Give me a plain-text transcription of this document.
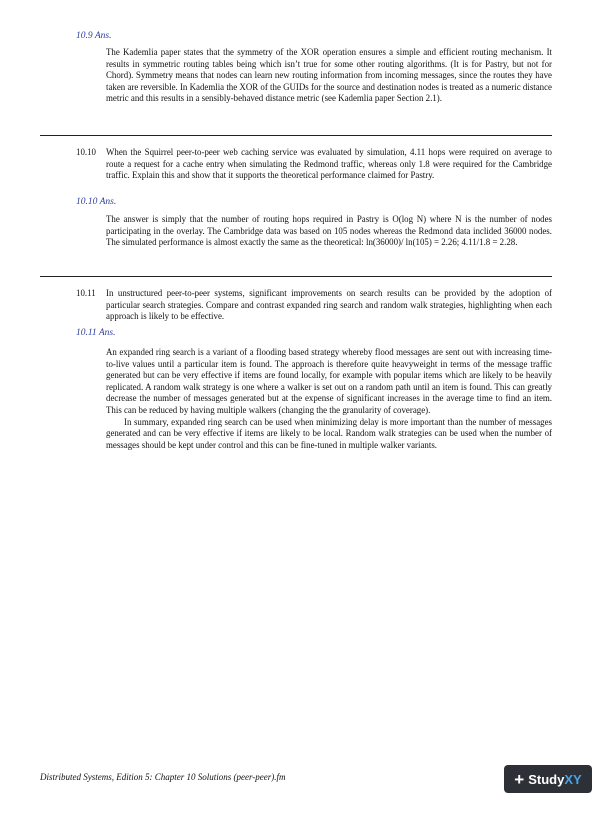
10.9 Ans.

The Kademlia paper states that the symmetry of the XOR operation ensures a simple and efficient routing mechanism. It results in symmetric routing tables being which isn’t true for some other routing algorithms. (It is for Pastry, but not for Chord). Symmetry means that nodes can learn new routing information from incoming messages, since the routes they have taken are reversible. In Kademlia the XOR of the GUIDs for the source and destination nodes is treated as a numeric distance metric and this results in a sensibly-behaved distance metric (see Kademlia paper Section 2.1).

10.10 When the Squirrel peer-to-peer web caching service was evaluated by simulation, 4.11 hops were required on average to route a request for a cache entry when simulating the Redmond traffic, whereas only 1.8 were required for the Cambridge traffic. Explain this and show that it supports the theoretical performance claimed for Pastry.

10.10 Ans.

The answer is simply that the number of routing hops required in Pastry is O(log N) where N is the number of nodes participating in the overlay. The Cambridge data was based on 105 nodes whereas the Redmond data inclided 36000 nodes. The simulated performance is almost exactly the same as the theoretical: ln(36000)/ ln(105) = 2.26; 4.11/1.8 = 2.28.

10.11 In unstructured peer-to-peer systems, significant improvements on search results can be provided by the adoption of particular search strategies. Compare and contrast expanded ring search and random walk strategies, highlighting when each approach is likely to be effective.

10.11 Ans.
An expanded ring search is a variant of a flooding based strategy whereby flood messages are sent out with increasing time-to-live values until a particular item is found. The approach is therefore quite heavyweight in terms of the message traffic generated but can be very effective if items are found locally, for example with popular items which are likely to be heavily replicated. A random walk strategy is one where a walker is set out on a random path until an item is found. This can greatly decrease the number of messages generated but at the expense of significant increases in the average time to find an item. This can be reduced by having multiple walkers (changing the the granularity of coverage).
In summary, expanded ring search can be used when minimizing delay is more important than the number of messages generated and can be very effective if items are likely to be local. Random walk strategies can be used when the number of messages should be kept under control and this can be fine-tuned in multiple walker variants.
Distributed Systems, Edition 5: Chapter 10 Solutions (peer-peer).fm	+ Study XY
